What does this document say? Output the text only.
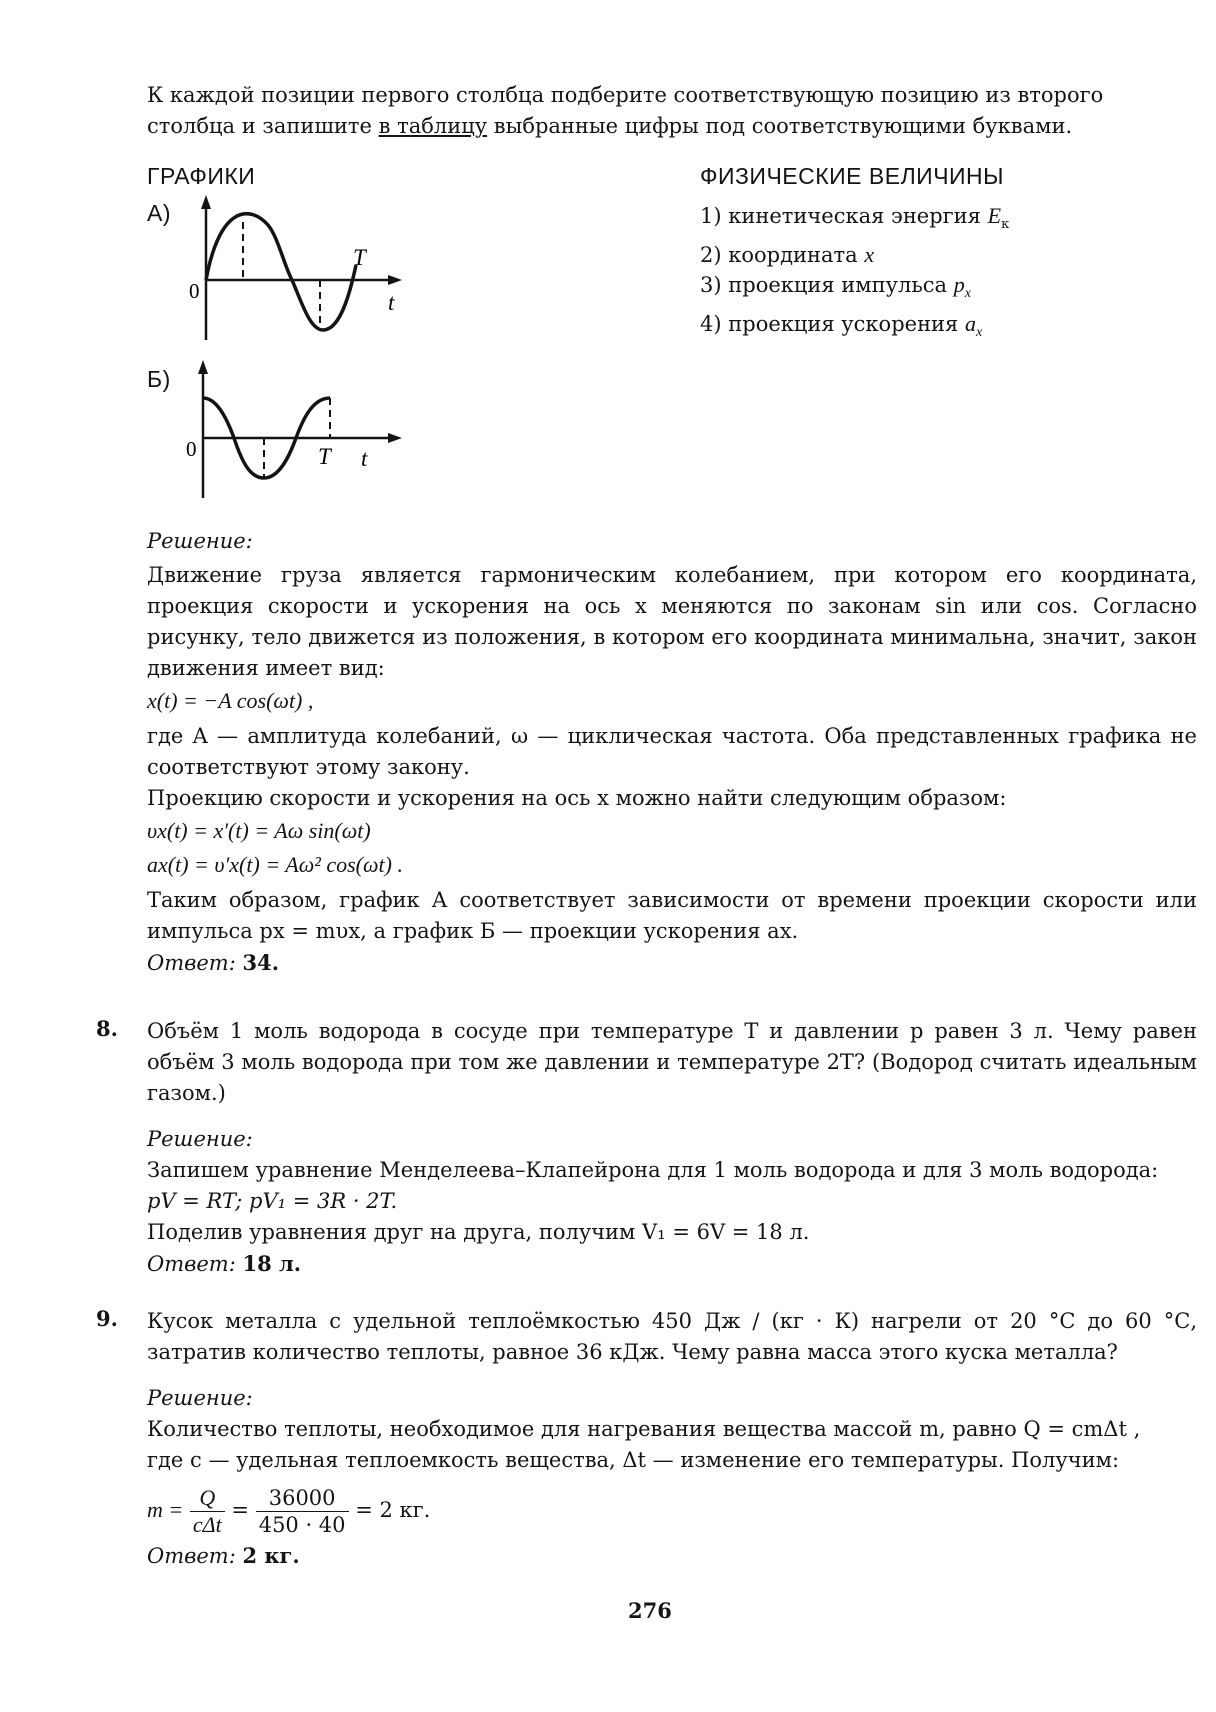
К каждой позиции первого столбца подберите соответствующую позицию из второго
столбца и запишите в таблицу выбранные цифры под соответствующими буквами.
ГРАФИКИ
А)
0
T
t
Б)
0	T t
ФИЗИЧЕСКИЕ ВЕЛИЧИНЫ
1) кинетическая энергия $E_к$
2) координата x
3) проекция импульса $p_x$
4) проекция ускорения $a_x$
Решение:
Движение груза является гармоническим колебанием, при котором его координата, проекция скорости и ускорения на ось x меняются по законам sin или cos. Согласно рисунку, тело движется из положения, в котором его координата минимальна, значит, закон движения имеет вид:
x(t) = −A cos(ωt) ,
где A — амплитуда колебаний, ω — циклическая частота. Оба представленных графика не соответствуют этому закону.
Проекцию скорости и ускорения на ось x можно найти следующим образом:
υx(t) = x′(t) = Aω sin(ωt)
ax(t) = υ′x(t) = Aω² cos(ωt) .
Таким образом, график А соответствует зависимости от времени проекции скорости или импульса px = mυx, а график Б — проекции ускорения ax.
Ответ: 34.
8. Объём 1 моль водорода в сосуде при температуре T и давлении p равен 3 л. Чему равен объём 3 моль водорода при том же давлении и температуре 2T? (Водород считать идеальным газом.)
Решение:
Запишем уравнение Менделеева–Клапейрона для 1 моль водорода и для 3 моль водорода:
pV = RT; pV₁ = 3R · 2T.
Поделив уравнения друг на друга, получим V₁ = 6V = 18 л.
Ответ: 18 л.
9. Кусок металла с удельной теплоёмкостью 450 Дж / (кг · К) нагрели от 20 °С до 60 °С, затратив количество теплоты, равное 36 кДж. Чему равна масса этого куска металла?
Решение:
Количество теплоты, необходимое для нагревания вещества массой m, равно Q = cmΔt ,
где c — удельная теплоемкость вещества, Δt — изменение его температуры. Получим:
$m = \frac{Q}{\text{cΔt}} = \frac{36000}{450 \cdot 40} = 2$ кг.
Ответ: 2 кг.
276
